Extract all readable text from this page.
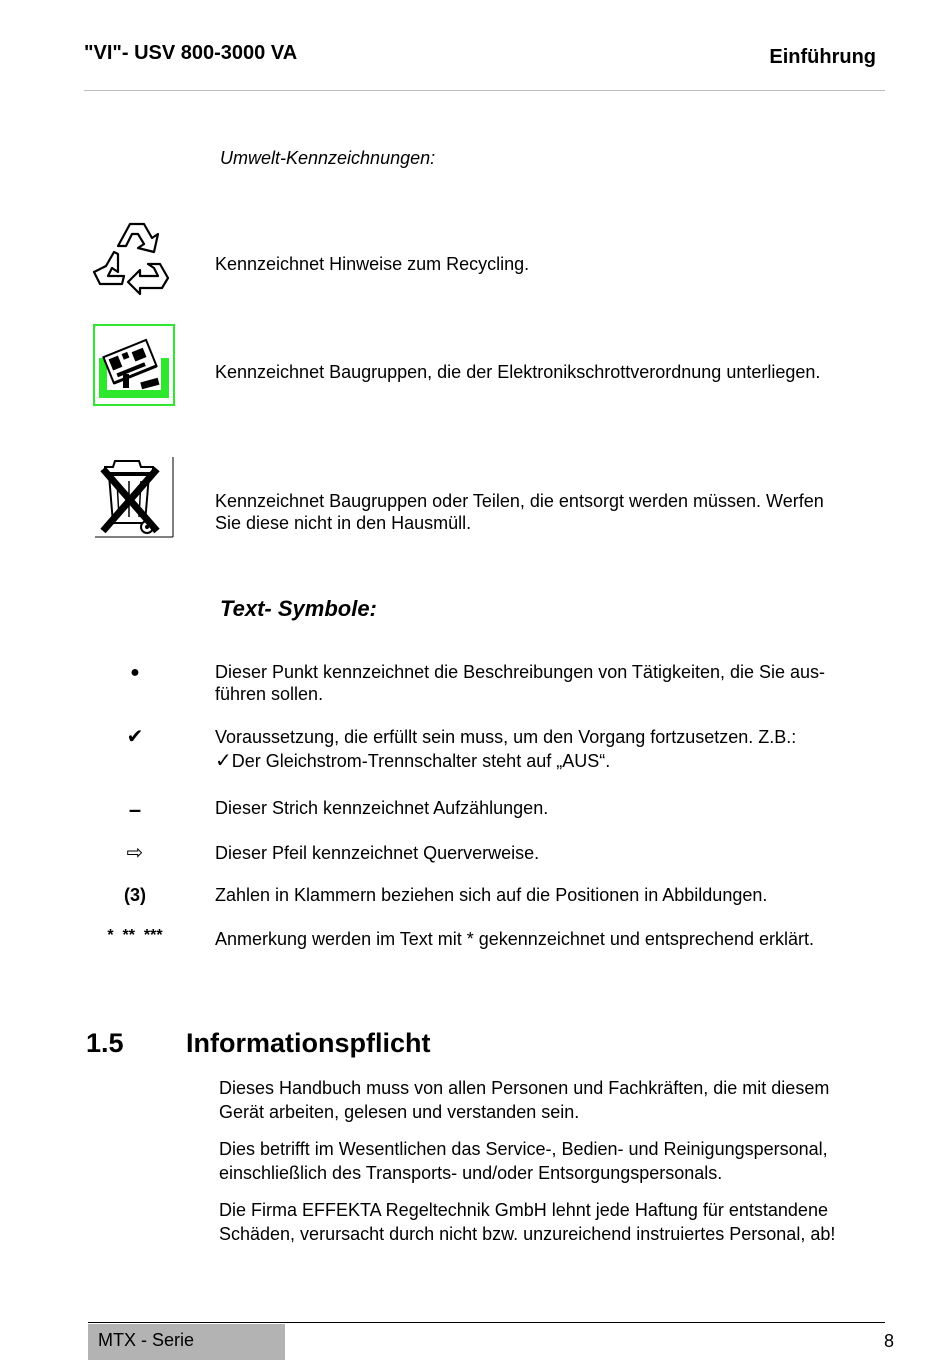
"VI"- USV 800-3000 VA	Einführung
Umwelt-Kennzeichnungen:
Kennzeichnet Hinweise zum Recycling.
Kennzeichnet Baugruppen, die der Elektronikschrottverordnung unterliegen.
Kennzeichnet Baugruppen oder Teilen, die entsorgt werden müssen. Werfen
Sie diese nicht in den Hausmüll.
Text- Symbole:
●	Dieser Punkt kennzeichnet die Beschreibungen von Tätigkeiten, die Sie aus-
führen sollen.
✔	Voraussetzung, die erfüllt sein muss, um den Vorgang fortzusetzen. Z.B.:
✓Der Gleichstrom-Trennschalter steht auf „AUS“.
–	Dieser Strich kennzeichnet Aufzählungen.
⇨	Dieser Pfeil kennzeichnet Querverweise.
(3)	Zahlen in Klammern beziehen sich auf die Positionen in Abbildungen.
*  **  ***	Anmerkung werden im Text mit * gekennzeichnet und entsprechend erklärt.
1.5 Informationspflicht
Dieses Handbuch muss von allen Personen und Fachkräften, die mit diesem
Gerät arbeiten, gelesen und verstanden sein.
Dies betrifft im Wesentlichen das Service-, Bedien- und Reinigungspersonal,
einschließlich des Transports- und/oder Entsorgungspersonals.
Die Firma EFFEKTA Regeltechnik GmbH lehnt jede Haftung für entstandene
Schäden, verursacht durch nicht bzw. unzureichend instruiertes Personal, ab!
MTX - Serie	8
